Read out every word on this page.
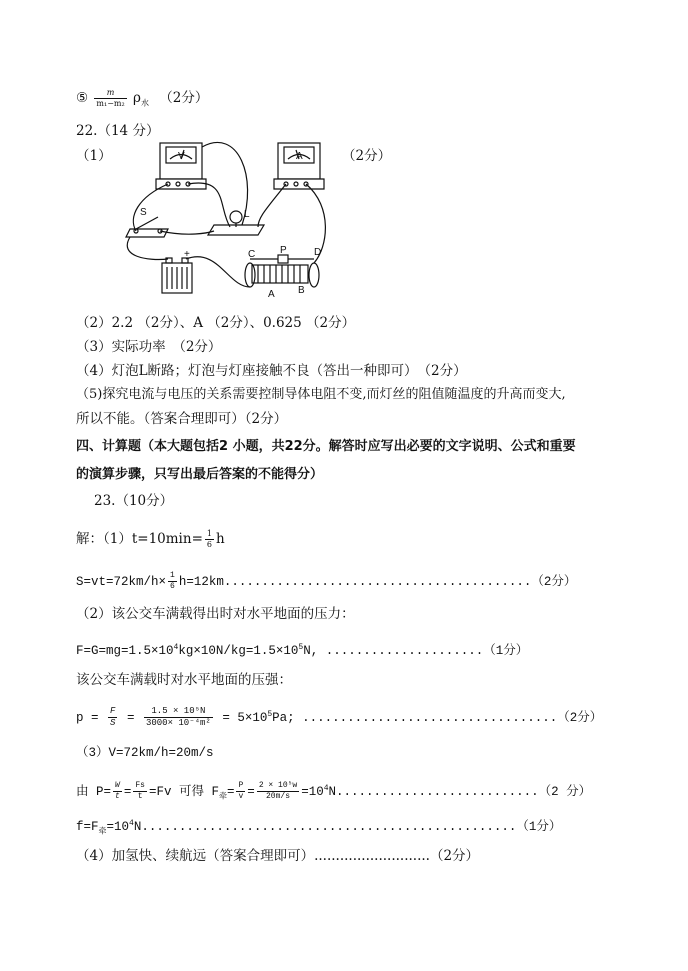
⑤ $\frac{m}{\text{m₁−m₂}} \rho_水$ （2分）
22.（14 分）
（1）	（2分）
V	A
S	L
+	C P	D
A B
（2）2.2 （2分）、A （2分）、0.625 （2分）
（3）实际功率　（2分）
（4）灯泡L断路；灯泡与灯座接触不良（答出一种即可）　（2分）
（5)探究电流与电压的关系需要控制导体电阻不变,而灯丝的阻值随温度的升高而变大,
所以不能。（答案合理即可）（2分）
四、计算题（本大题包括2 小题，共22分。解答时应写出必要的文字说明、公式和重要
的演算步骤，只写出最后答案的不能得分）
23.（10分）
解：$(1)t=10\min= \frac{1}{6}$ h
$S=vt=72km/h\times \frac{1}{6} h=12km.........................................(2$分）
（2）该公交车满载得出时对水平地面的压力：
$F=G=mg=1.5\times 10^4kg\times 10N/kg=1.5\times 10^5N$, .....................（1分）
该公交车满载时对水平地面的压强：
$p = \frac{F}{S} = \frac{\text{1.5 × 10⁵N}}{\text{3000× 10⁻⁴m²}} = 5\times 10^5Pa$; ..................................（2分）
（3）V=72km/h=20m/s
由 $P= \frac{W}{t} = \frac{Fs}{t} =Fv$ 可得 $F_牵= \frac{P}{v} = \frac{\text{2 × 10⁵w}}{20m/s} =10^4N...........................(2$ 分）
$f=F_牵=10^4N..................................................(1$分）
（4）加氢快、续航远（答案合理即可）...........................（2分）
